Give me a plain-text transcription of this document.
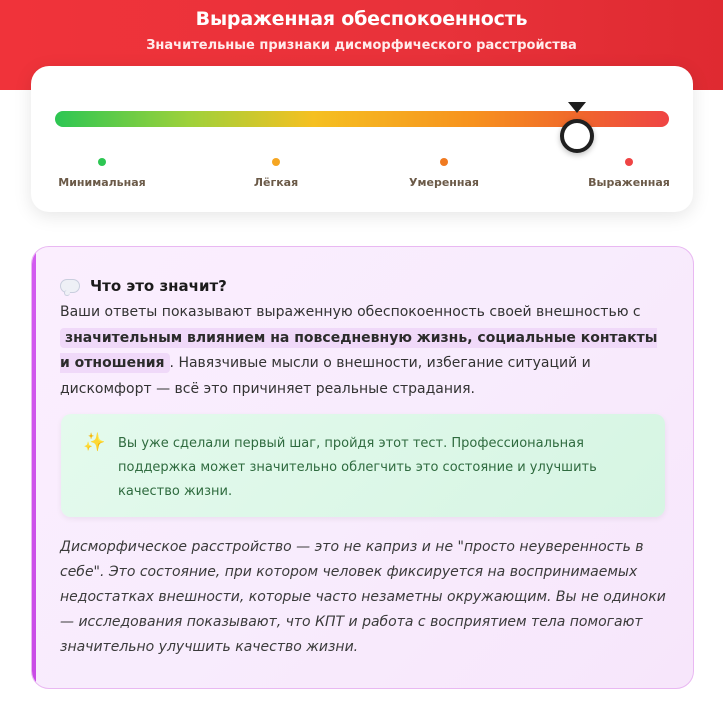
Выраженная обеспокоенность
Значительные признаки дисморфического расстройства
Минимальная	Лёгкая	Умеренная	Выраженная
Что это значит?
Ваши ответы показывают выраженную обеспокоенность своей внешностью с значительным влиянием на повседневную жизнь, социальные контакты и отношения . Навязчивые мысли о внешности, избегание ситуаций и дискомфорт — всё это причиняет реальные страдания.
✨ Вы уже сделали первый шаг, пройдя этот тест. Профессиональная поддержка может значительно облегчить это состояние и улучшить качество жизни.
Дисморфическое расстройство — это не каприз и не "просто неуверенность в себе". Это состояние, при котором человек фиксируется на воспринимаемых недостатках внешности, которые часто незаметны окружающим. Вы не одиноки — исследования показывают, что КПТ и работа с восприятием тела помогают значительно улучшить качество жизни.
